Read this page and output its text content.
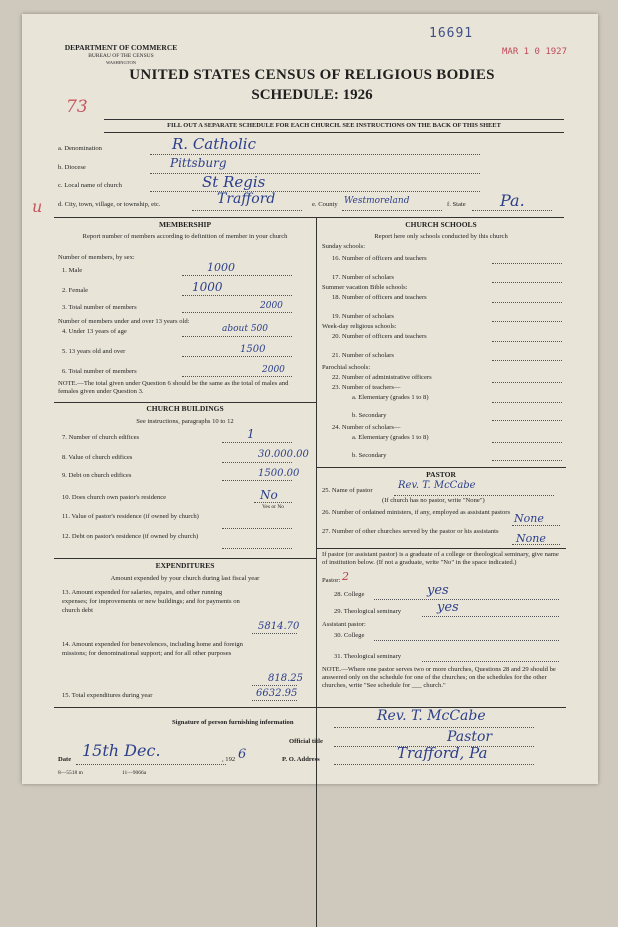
DEPARTMENT OF COMMERCE
BUREAU OF THE CENSUS
WASHINGTON
16691
MAR 1 0 1927
73
UNITED STATES CENSUS OF RELIGIOUS BODIES
SCHEDULE: 1926
FILL OUT A SEPARATE SCHEDULE FOR EACH CHURCH. SEE INSTRUCTIONS ON THE BACK OF THIS SHEET
a. Denomination	R. Catholic
b. Diocese	Pittsburg
c. Local name of church	St Regis
u d. City, town, village, or township, etc.	Trafford	e. County Westmoreland	f. State Pa.
MEMBERSHIP
Report number of members according to definition of member in your church
Number of members, by sex:
1. Male	1000
2. Female	1000
3. Total number of members	2000
Number of members under and over 13 years old:
4. Under 13 years of age	about 500
5. 13 years old and over	1500
6. Total number of members	2000
NOTE.—The total given under Question 6 should be the same as the total of males and females given under Question 3.
CHURCH BUILDINGS
See instructions, paragraphs 10 to 12
7. Number of church edifices	1
8. Value of church edifices	30.000.00
9. Debt on church edifices	1500.00
10. Does church own pastor's residence	No
Yes or No
11. Value of pastor's residence (if owned by church)
12. Debt on pastor's residence (if owned by church)
EXPENDITURES
Amount expended by your church during last fiscal year
13. Amount expended for salaries, repairs, and other running expenses; for improvements or new buildings; and for payments on church debt
5814.70
14. Amount expended for benevolences, including home and foreign missions; for denominational support; and for all other purposes
818.25
15. Total expenditures during year	6632.95
CHURCH SCHOOLS
Report here only schools conducted by this church
Sunday schools:
16. Number of officers and teachers
17. Number of scholars
Summer vacation Bible schools:
18. Number of officers and teachers
19. Number of scholars
Week-day religious schools:
20. Number of officers and teachers
21. Number of scholars
Parochial schools:
22. Number of administrative officers
23. Number of teachers—
a. Elementary (grades 1 to 8)
b. Secondary
24. Number of scholars—
a. Elementary (grades 1 to 8)
b. Secondary
PASTOR
25. Name of pastor	Rev. T. McCabe
(If church has no pastor, write "None")
26. Number of ordained ministers, if any, employed as assistant pastors None
27. Number of other churches served by the pastor or his assistants
None
If pastor (or assistant pastor) is a graduate of a college or theological seminary, give name of institution below. (If not a graduate, write "No" in the space indicated.)
Pastor: 2
28. College	yes
29. Theological seminary	yes
Assistant pastor:
30. College
31. Theological seminary
NOTE.—Where one pastor serves two or more churches, Questions 28 and 29 should be answered only on the schedule for one of the churches; on the schedules for the other churches, write "See schedule for ___ church."
Signature of person furnishing information	Rev. T. McCabe
Official title	Pastor
Date 15th Dec.	, 192 6	P. O. Address	Trafford, Pa
8—5518 m	11—9066a
